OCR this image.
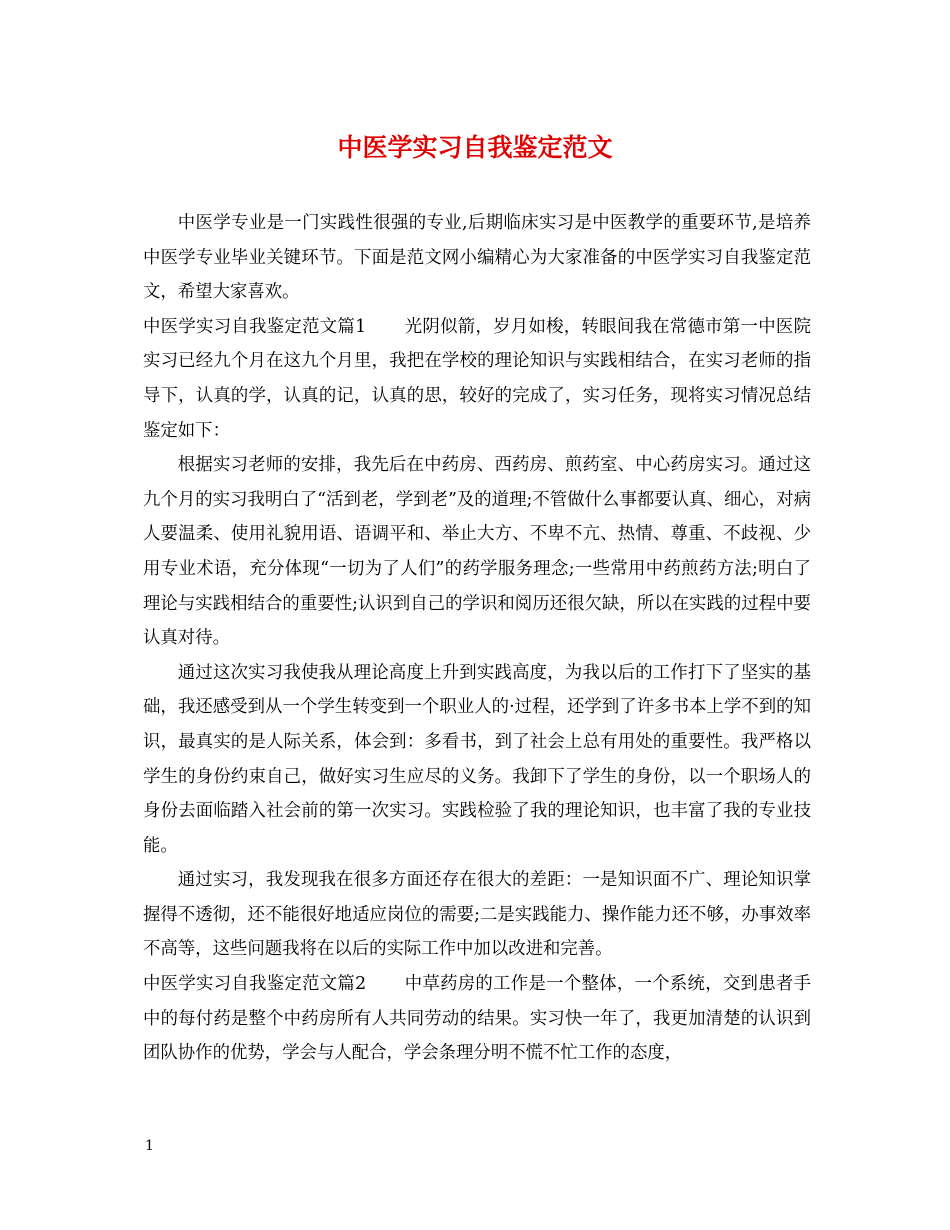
中医学实习自我鉴定范文

中医学专业是一门实践性很强的专业,后期临床实习是中医教学的重要环节,是培养中医学专业毕业关键环节。下面是范文网小编精心为大家准备的中医学实习自我鉴定范文，希望大家喜欢。

中医学实习自我鉴定范文篇1 光阴似箭，岁月如梭，转眼间我在常德市第一中医院实习已经九个月在这九个月里，我把在学校的理论知识与实践相结合，在实习老师的指导下，认真的学，认真的记，认真的思，较好的完成了，实习任务，现将实习情况总结鉴定如下：

根据实习老师的安排，我先后在中药房、西药房、煎药室、中心药房实习。通过这九个月的实习我明白了“活到老，学到老”及的道理;不管做什么事都要认真、细心，对病人要温柔、使用礼貌用语、语调平和、举止大方、不卑不亢、热情、尊重、不歧视、少用专业术语，充分体现“一切为了人们”的药学服务理念;一些常用中药煎药方法;明白了理论与实践相结合的重要性;认识到自己的学识和阅历还很欠缺，所以在实践的过程中要认真对待。

通过这次实习我使我从理论高度上升到实践高度，为我以后的工作打下了坚实的基础，我还感受到从一个学生转变到一个职业人的·过程，还学到了许多书本上学不到的知识，最真实的是人际关系，体会到：多看书，到了社会上总有用处的重要性。我严格以学生的身份约束自己，做好实习生应尽的义务。我卸下了学生的身份，以一个职场人的身份去面临踏入社会前的第一次实习。实践检验了我的理论知识，也丰富了我的专业技能。

通过实习，我发现我在很多方面还存在很大的差距：一是知识面不广、理论知识掌握得不透彻，还不能很好地适应岗位的需要;二是实践能力、操作能力还不够，办事效率不高等，这些问题我将在以后的实际工作中加以改进和完善。

中医学实习自我鉴定范文篇2 中草药房的工作是一个整体，一个系统，交到患者手中的每付药是整个中药房所有人共同劳动的结果。实习快一年了，我更加清楚的认识到团队协作的优势，学会与人配合，学会条理分明不慌不忙工作的态度，

1
